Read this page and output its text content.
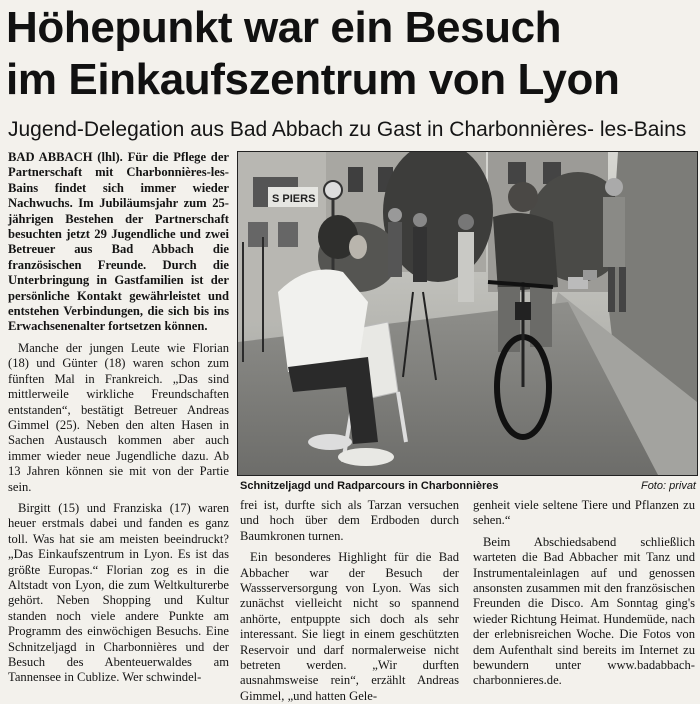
Höhepunkt war ein Besuch
im Einkaufszentrum von Lyon
Jugend-Delegation aus Bad Abbach zu Gast in Charbonnières- les-Bains

BAD ABBACH (lhl). Für die Pflege der Partnerschaft mit Charbonnières-les-Bains findet sich immer wieder Nachwuchs. Im Jubiläumsjahr zum 25-jährigen Bestehen der Partnerschaft besuchten jetzt 29 Jugendliche und zwei Betreuer aus Bad Abbach die französischen Freunde. Durch die Unterbringung in Gastfamilien ist der persönliche Kontakt gewährleistet und entstehen Verbindungen, die sich bis ins Erwachsenenalter fortsetzen können.

Manche der jungen Leute wie Florian (18) und Günter (18) waren schon zum fünften Mal in Frankreich. „Das sind mittlerweile wirkliche Freundschaften entstanden“, bestätigt Betreuer Andreas Gimmel (25). Neben den alten Hasen in Sachen Austausch kommen aber auch immer wieder neue Jugendliche dazu. Ab 13 Jahren können sie mit von der Partie sein.

Birgitt (15) und Franziska (17) waren heuer erstmals dabei und fanden es ganz toll. Was hat sie am meisten beeindruckt? „Das Einkaufszentrum in Lyon. Es ist das größte Europas.“ Florian zog es in die Altstadt von Lyon, die zum Weltkulturerbe gehört. Neben Shopping und Kultur standen noch viele andere Punkte am Programm des einwöchigen Besuchs. Eine Schnitzeljagd in Charbonnières und der Besuch des Abenteuerwaldes am Tannensee in Cublize. Wer schwindel-

S PIERS
Schnitzeljagd und Radparcours in Charbonnières	Foto: privat

frei ist, durfte sich als Tarzan versuchen und hoch über dem Erdboden durch Baumkronen turnen.

Ein besonderes Highlight für die Bad Abbacher war der Besuch der Wassserversorgung von Lyon. Was sich zunächst vielleicht nicht so spannend anhörte, entpuppte sich doch als sehr interessant. Sie liegt in einem geschützten Reservoir und darf normalerweise nicht betreten werden. „Wir durften ausnahmsweise rein“, erzählt Andreas Gimmel, „und hatten Gele-

genheit viele seltene Tiere und Pflanzen zu sehen.“

Beim Abschiedsabend schließlich warteten die Bad Abbacher mit Tanz und Instrumentaleinlagen auf und genossen ansonsten zusammen mit den französischen Freunden die Disco. Am Sonntag ging's wieder Richtung Heimat. Hundemüde, nach der erlebnisreichen Woche. Die Fotos von dem Aufenthalt sind bereits im Internet zu bewundern unter www.badabbach-charbonnieres.de.
